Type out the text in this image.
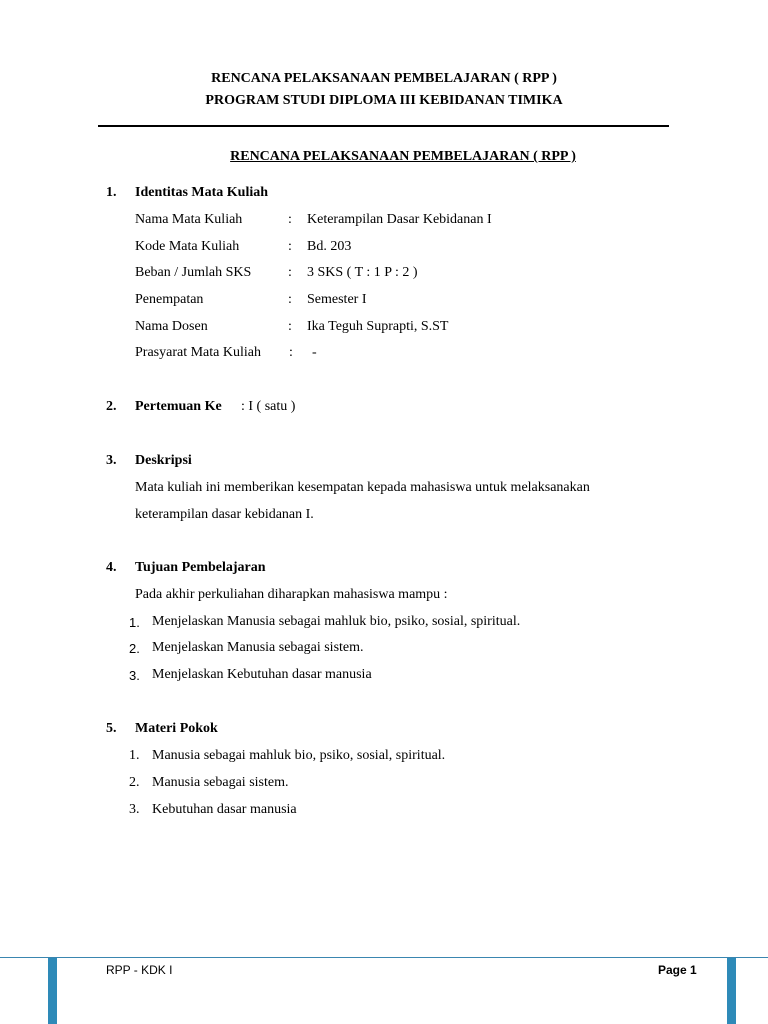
RENCANA PELAKSANAAN PEMBELAJARAN ( RPP )
PROGRAM STUDI DIPLOMA III KEBIDANAN TIMIKA
RENCANA PELAKSANAAN PEMBELAJARAN ( RPP )
1. Identitas Mata Kuliah
Nama Mata Kuliah	: Keterampilan Dasar Kebidanan I
Kode Mata Kuliah	: Bd. 203
Beban / Jumlah SKS	: 3 SKS ( T : 1 P : 2 )
Penempatan	: Semester I
Nama Dosen	: Ika Teguh Suprapti, S.ST
Prasyarat Mata Kuliah : -
2. Pertemuan Ke : I ( satu )
3. Deskripsi
Mata kuliah ini memberikan kesempatan kepada mahasiswa untuk melaksanakan
keterampilan dasar kebidanan I.
4. Tujuan Pembelajaran
Pada akhir perkuliahan diharapkan mahasiswa mampu :
1. Menjelaskan Manusia sebagai mahluk bio, psiko, sosial, spiritual.
2. Menjelaskan Manusia sebagai sistem.
3. Menjelaskan Kebutuhan dasar manusia
5. Materi Pokok
1. Manusia sebagai mahluk bio, psiko, sosial, spiritual.
2. Manusia sebagai sistem.
3. Kebutuhan dasar manusia
RPP - KDK I	Page 1
